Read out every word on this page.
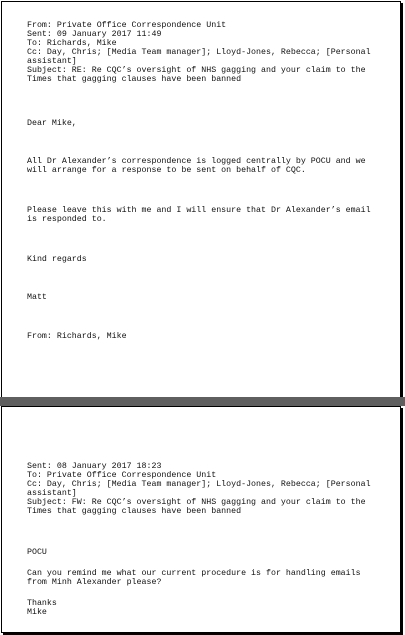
From: Private Office Correspondence Unit

Sent: 09 January 2017 11:49

To: Richards, Mike

Cc: Day, Chris; [Media Team manager]; Lloyd-Jones, Rebecca; [Personal

assistant]

Subject: RE: Re CQC’s oversight of NHS gagging and your claim to the

Times that gagging clauses have been banned

Dear Mike,

All Dr Alexander’s correspondence is logged centrally by POCU and we

will arrange for a response to be sent on behalf of CQC.

Please leave this with me and I will ensure that Dr Alexander’s email

is responded to.

Kind regards

Matt

From: Richards, Mike

Sent: 08 January 2017 18:23

To: Private Office Correspondence Unit

Cc: Day, Chris; [Media Team manager]; Lloyd-Jones, Rebecca; [Personal

assistant]

Subject: FW: Re CQC’s oversight of NHS gagging and your claim to the

Times that gagging clauses have been banned

POCU

Can you remind me what our current procedure is for handling emails

from Minh Alexander please?

Thanks

Mike
